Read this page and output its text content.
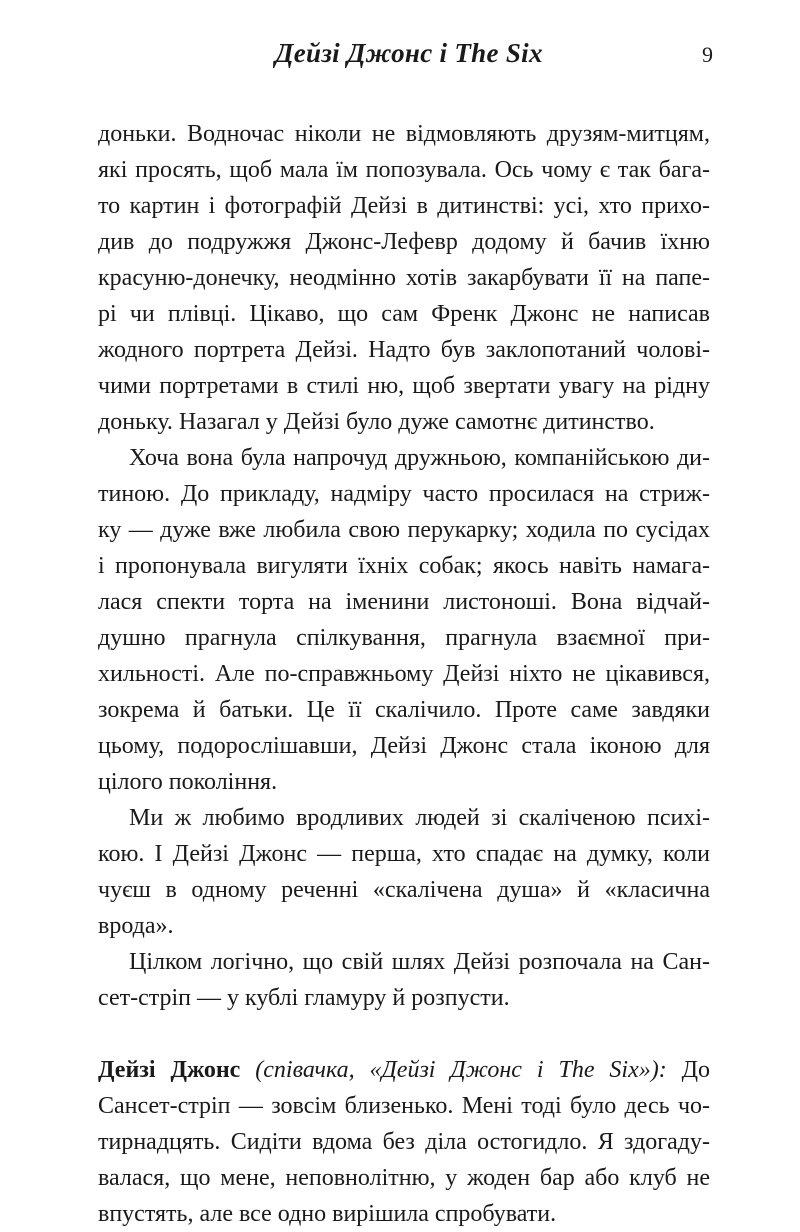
Дейзі Джонс і The Six	9
доньки. Водночас ніколи не відмовляють друзям-митцям,
які просять, щоб мала їм попозувала. Ось чому є так бага-
то картин і фотографій Дейзі в дитинстві: усі, хто прихо-
див до подружжя Джонс-Лефевр додому й бачив їхню
красуню-донечку, неодмінно хотів закарбувати її на папе-
рі чи плівці. Цікаво, що сам Френк Джонс не написав
жодного портрета Дейзі. Надто був заклопотаний чолові-
чими портретами в стилі ню, щоб звертати увагу на рідну
доньку. Назагал у Дейзі було дуже самотнє дитинство.
Хоча вона була напрочуд дружньою, компанійською ди-
тиною. До прикладу, надміру часто просилася на стриж-
ку — дуже вже любила свою перукарку; ходила по сусідах
і пропонувала вигуляти їхніх собак; якось навіть намага-
лася спекти торта на іменини листоноші. Вона відчай-
душно прагнула спілкування, прагнула взаємної при-
хильності. Але по-справжньому Дейзі ніхто не цікавився,
зокрема й батьки. Це її скалічило. Проте саме завдяки
цьому, подорослішавши, Дейзі Джонс стала іконою для
цілого покоління.
Ми ж любимо вродливих людей зі скаліченою психі-
кою. І Дейзі Джонс — перша, хто спадає на думку, коли
чуєш в одному реченні «скалічена душа» й «класична
врода».
Цілком логічно, що свій шлях Дейзі розпочала на Сан-
сет-стріп — у кублі гламуру й розпусти.
Дейзі Джонс (співачка, «Дейзі Джонс і The Six»): До
Сансет-стріп — зовсім близенько. Мені тоді було десь чо-
тирнадцять. Сидіти вдома без діла остогидло. Я здогаду-
валася, що мене, неповнолітню, у жоден бар або клуб не
впустять, але все одно вирішила спробувати.
